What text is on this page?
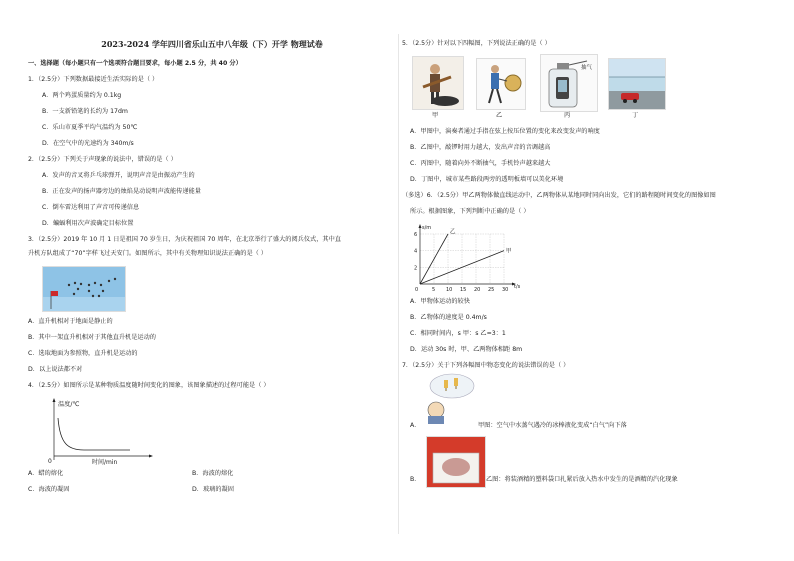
2023-2024 学年四川省乐山五中八年级（下）开学 物理试卷
一、选择题（每小题只有一个选项符合题目要求，每小题 2.5 分，共 40 分）
1．（2.5分）下列数据最接近生活实际的是（ ）
A．两个鸡蛋质量约为 0.1kg
B．一支新铅笔的长约为 17dm
C．乐山市夏季平均气温约为 50℃
D．在空气中的光速约为 340m/s
2．（2.5分）下列关于声现象的说法中，错误的是（ ）
A．发声的音叉将乒乓球弹开，说明声音是由振动产生的
B．正在发声的扬声器旁边的烛焰晃动说明声波能传递能量
C．倒车雷达利用了声音可传递信息
D．蝙蝠利用次声波确定目标位置
3．（2.5分）2019 年 10 月 1 日是祖国 70 岁生日，为庆祝祖国 70 周年，在北京举行了盛大的阅兵仪式，其中直
升机方队组成了“70”字样飞过天安门。如图所示，其中有关物理知识说法正确的是（ ）
A．直升机相对于地面是静止的
B．其中一架直升机相对于其他直升机是运动的
C．选取地面为参照物，直升机是运动的
D．以上说法都不对
4．（2.5分）如图所示是某种物质温度随时间变化的图象，该图象描述的过程可能是（ ）
温度/℃
0	时间/min
A．蜡的熔化	B．海波的熔化
C．海波的凝固	D．玻璃的凝固
5．（2.5分）针对以下四幅图，下列说法正确的是（ ）
甲	乙
抽气
丙	丁
A．甲图中，演奏者通过手指在弦上按压位置的变化来改变发声的响度
B．乙图中，敲锣时用力越大，发出声音的音调越高
C．丙图中，随着向外不断抽气，手机铃声越来越大
D．丁图中，城市某些路段两旁的透明板墙可以美化环境
（多选）6．（2.5分）甲乙两物体做直线运动中，乙两物体从某地同时同向出发，它们的路程随时间变化的图像如图
所示。根据图象，下列判断中正确的是（ ）
0	5 10 15 20 25 30
2
4
6
t/s
s/m
乙
甲
A．甲物体运动的较快
B．乙物体的速度是 0.4m/s
C．相同时间内，s 甲：s 乙=3：1
D．运动 30s 时，甲、乙两物体相距 8m
7．（2.5分）关于下列各幅图中物态变化的说法错误的是（ ）
A．	甲图：空气中水蒸气遇冷的冰棒液化变成“白气”向下落
B．	乙图：将装酒精的塑料袋口扎紧后放入热水中发生的是酒精的汽化现象
